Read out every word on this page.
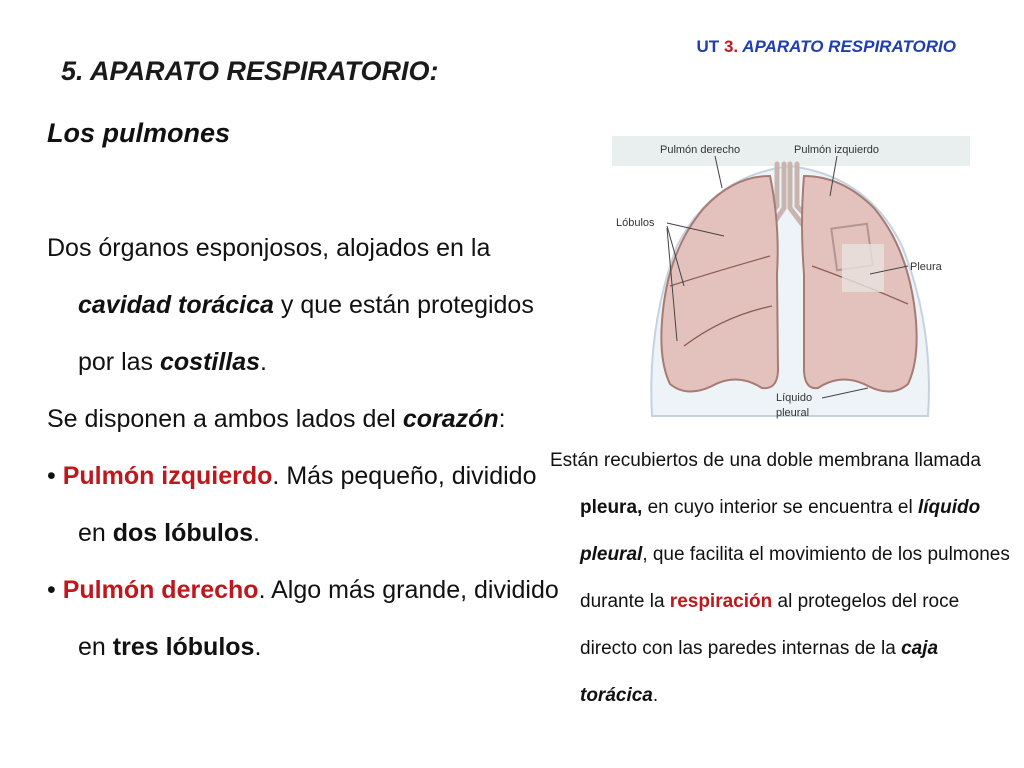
UT 3. APARATO RESPIRATORIO
5. APARATO RESPIRATORIO:
Los pulmones

Dos órganos esponjosos, alojados en la cavidad torácica y que están protegidos por las costillas.

Se disponen a ambos lados del corazón:

• Pulmón izquierdo. Más pequeño, dividido en dos lóbulos.

• Pulmón derecho. Algo más grande, dividido en tres lóbulos.

Pulmón derecho	Pulmón izquierdo
Lóbulos
Pleura
Líquido
pleural

Están recubiertos de una doble membrana llamada pleura, en cuyo interior se encuentra el líquido pleural, que facilita el movimiento de los pulmones durante la respiración al protegelos del roce directo con las paredes internas de la caja torácica.
